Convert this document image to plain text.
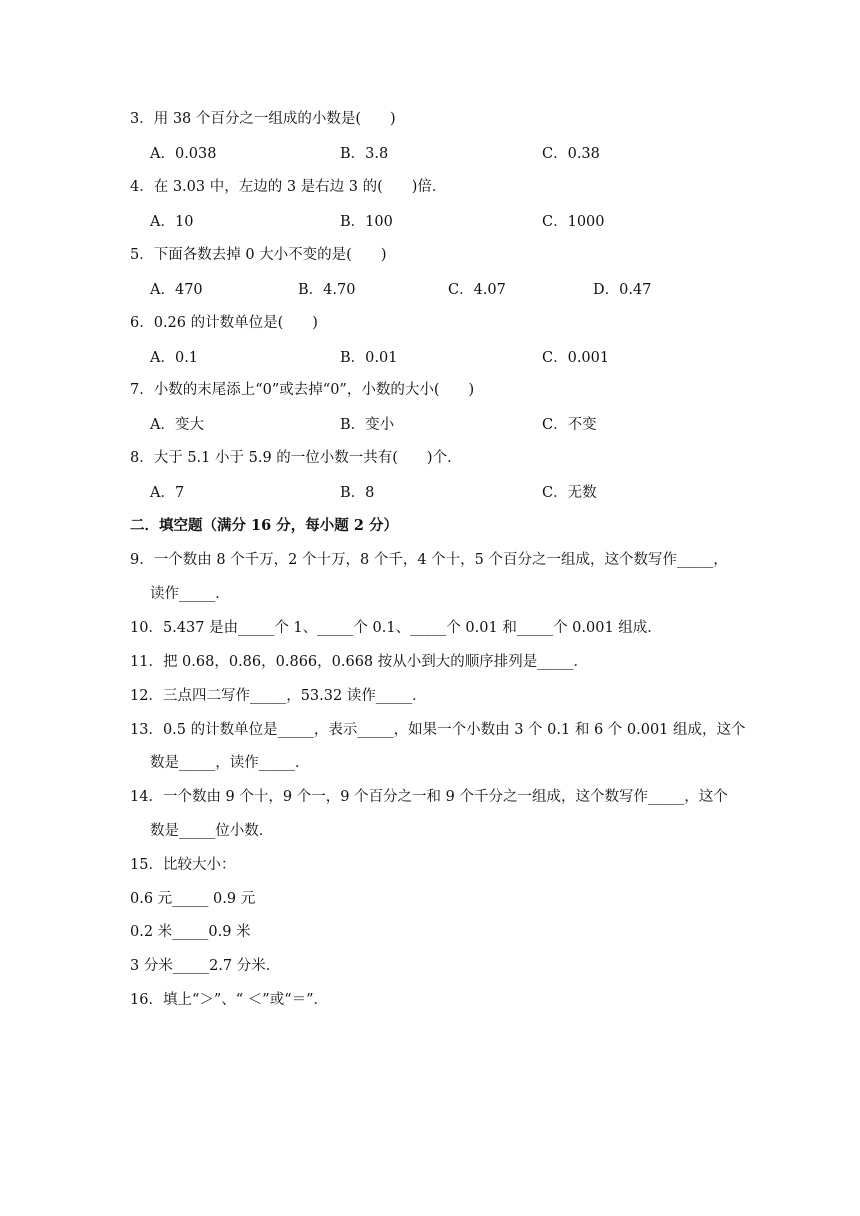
3．用 38 个百分之一组成的小数是(　　)
A．0.038	B．3.8	C．0.38
4．在 3.03 中，左边的 3 是右边 3 的(　　)倍．
A．10	B．100	C．1000
5．下面各数去掉 0 大小不变的是(　　)
A．470	B．4.70	C．4.07	D．0.47
6．0.26 的计数单位是(　　)
A．0.1	B．0.01	C．0.001
7．小数的末尾添上“0”或去掉“0”，小数的大小(　　)
A．变大	B．变小	C．不变
8．大于 5.1 小于 5.9 的一位小数一共有(　　)个．
A．7	B．8	C．无数
二．填空题（满分 16 分，每小题 2 分）
9．一个数由 8 个千万，2 个十万，8 个千，4 个十，5 个百分之一组成，这个数写作_____，
读作_____．
10．5.437 是由_____个 1、_____个 0.1、_____个 0.01 和_____个 0.001 组成．
11．把 0.68，0.86，0.866，0.668 按从小到大的顺序排列是_____．
12．三点四二写作_____，53.32 读作_____．
13．0.5 的计数单位是_____，表示_____，如果一个小数由 3 个 0.1 和 6 个 0.001 组成，这个
数是_____，读作_____．
14．一个数由 9 个十，9 个一，9 个百分之一和 9 个千分之一组成，这个数写作_____，这个
数是_____位小数．
15．比较大小：
0.6 元_____ 0.9 元
0.2 米_____0.9 米
3 分米_____2.7 分米．
16．填上“＞”、“ ＜”或“＝”．
